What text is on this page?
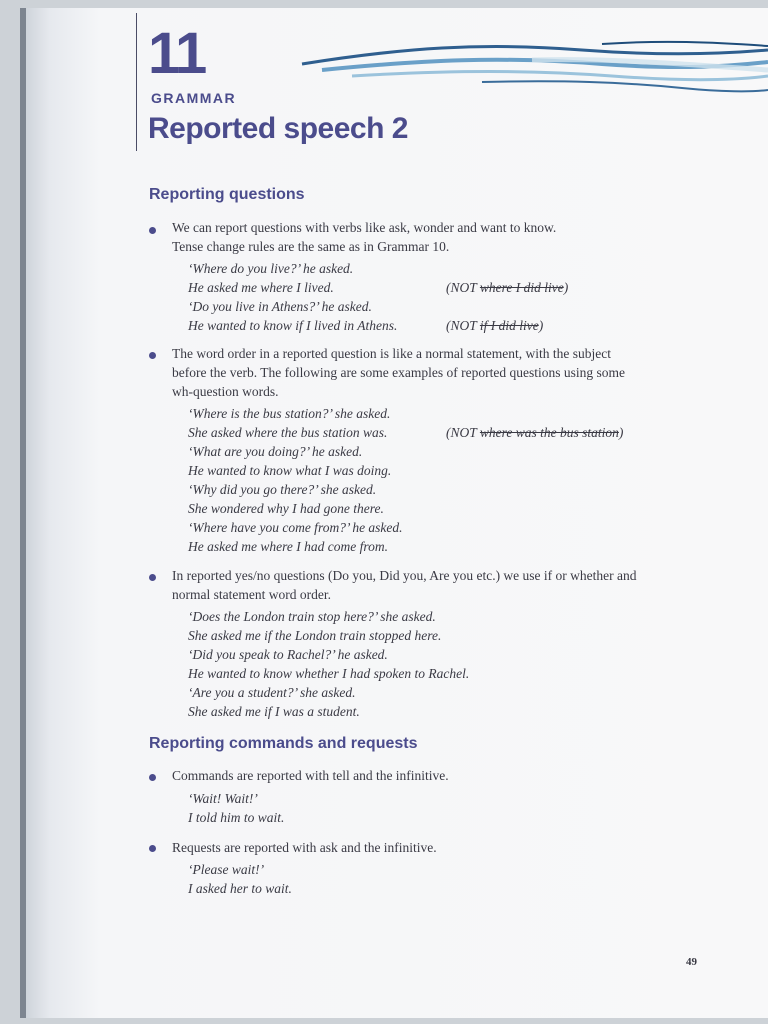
11
GRAMMAR
Reported speech 2
Reporting questions
We can report questions with verbs like ask, wonder and want to know.
Tense change rules are the same as in Grammar 10.
‘Where do you live?’ he asked.
He asked me where I lived.
‘Do you live in Athens?’ he asked.
He wanted to know if I lived in Athens.
(NOT where I did live)
(NOT if I did live)
The word order in a reported question is like a normal statement, with the subject
before the verb. The following are some examples of reported questions using some
wh-question words.
‘Where is the bus station?’ she asked.
She asked where the bus station was.
‘What are you doing?’ he asked.
He wanted to know what I was doing.
‘Why did you go there?’ she asked.
She wondered why I had gone there.
‘Where have you come from?’ he asked.
He asked me where I had come from.
(NOT where was the bus station)
In reported yes/no questions (Do you, Did you, Are you etc.) we use if or whether and
normal statement word order.
‘Does the London train stop here?’ she asked.
She asked me if the London train stopped here.
‘Did you speak to Rachel?’ he asked.
He wanted to know whether I had spoken to Rachel.
‘Are you a student?’ she asked.
She asked me if I was a student.
Reporting commands and requests
Commands are reported with tell and the infinitive.
‘Wait! Wait!’
I told him to wait.
Requests are reported with ask and the infinitive.
‘Please wait!’
I asked her to wait.
49
